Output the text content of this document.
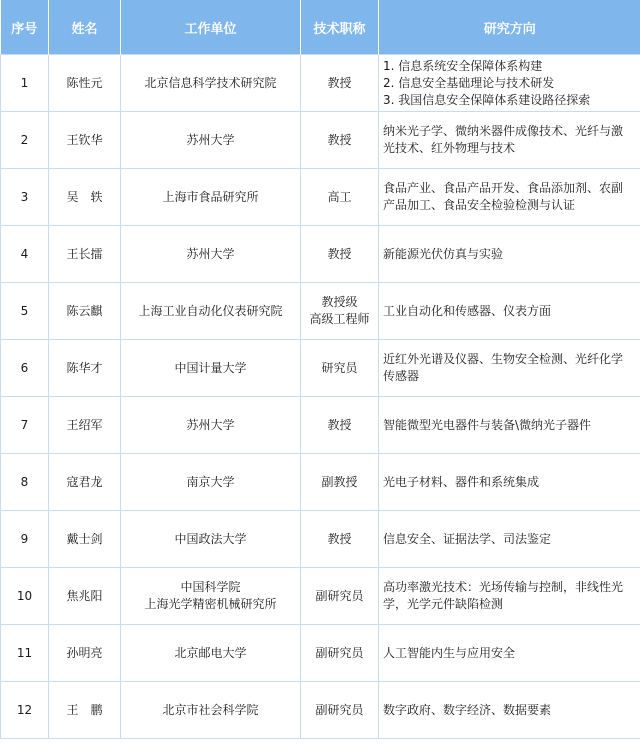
序号	姓名	工作单位	技术职称	研究方向
1	陈性元	北京信息科学技术研究院	教授	1. 信息系统安全保障体系构建
2. 信息安全基础理论与技术研发
3. 我国信息安全保障体系建设路径探索

2	王钦华	苏州大学	教授	纳米光子学、微纳米器件成像技术、光纤与激光技术、红外物理与技术

3	吴　轶	上海市食品研究所	高工	食品产业、食品产品开发、食品添加剂、农副产品加工、食品安全检验检测与认证

4	王长擂	苏州大学	教授	新能源光伏仿真与实验

5	陈云麒	上海工业自动化仪表研究院	教授级
高级工程师	工业自动化和传感器、仪表方面

6	陈华才	中国计量大学	研究员	近红外光谱及仪器、生物安全检测、光纤化学传感器

7	王绍军	苏州大学	教授	智能微型光电器件与装备\微纳光子器件

8	寇君龙	南京大学	副教授	光电子材料、器件和系统集成

9	戴士剑	中国政法大学	教授	信息安全、证据法学、司法鉴定

10	焦兆阳	中国科学院
上海光学精密机械研究所	副研究员	高功率激光技术：光场传输与控制，非线性光学，光学元件缺陷检测

11	孙明亮	北京邮电大学	副研究员	人工智能内生与应用安全

12	王　鹏	北京市社会科学院	副研究员	数字政府、数字经济、数据要素
